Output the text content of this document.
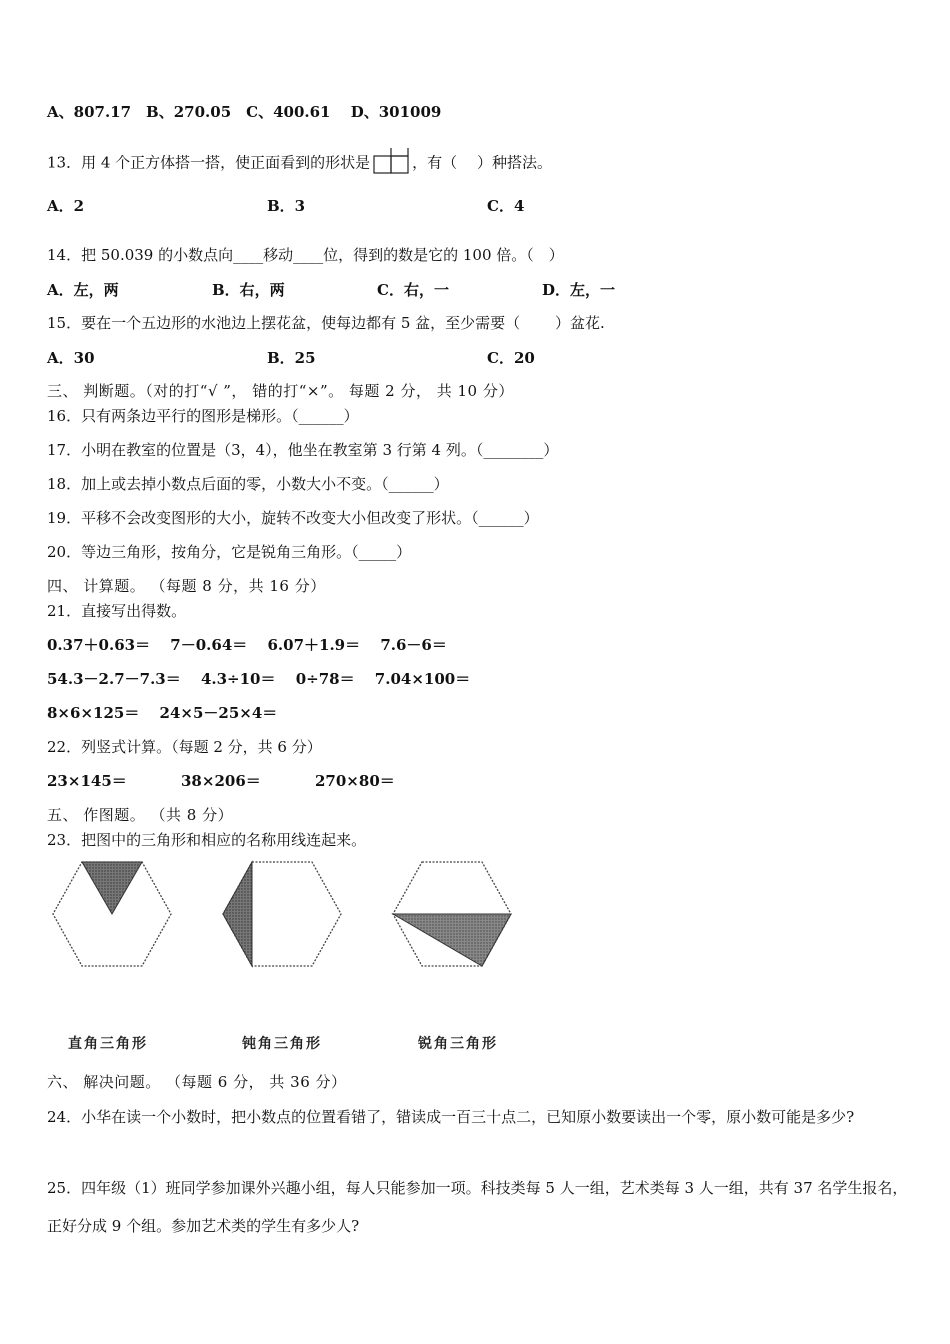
A、807.17　B、270.05　C、400.61　 D、301009
13．用 4 个正方体搭一搭，使正面看到的形状是	，有（　 ）种搭法。
A．2	B．3	C．4
14．把 50.039 的小数点向____移动____位，得到的数是它的 100 倍。（　）
A．左，两	B．右，两	C．右，一	D．左，一
15．要在一个五边形的水池边上摆花盆，使每边都有 5 盆，至少需要（　　 ）盆花.
A．30	B．25	C．20
三、 判断题。（对的打“√ ”， 错的打“×”。 每题 2 分， 共 10 分）
16．只有两条边平行的图形是梯形。（______）
17．小明在教室的位置是（3，4），他坐在教室第 3 行第 4 列。（________）
18．加上或去掉小数点后面的零，小数大小不变。（______）
19．平移不会改变图形的大小，旋转不改变大小但改变了形状。（______）
20．等边三角形，按角分，它是锐角三角形。（_____）
四、 计算题。 （每题 8 分，共 16 分）
21．直接写出得数。
0.37＋0.63＝　 7－0.64＝　 6.07＋1.9＝　 7.6－6＝
54.3－2.7－7.3＝　 4.3÷10＝　 0÷78＝　 7.04×100＝
8×6×125＝　 24×5－25×4＝
22．列竖式计算。（每题 2 分，共 6 分）
23×145＝	38×206＝	270×80＝
五、 作图题。 （共 8 分）
23．把图中的三角形和相应的名称用线连起来。
直角三角形	钝角三角形	锐角三角形
六、 解决问题。 （每题 6 分， 共 36 分）
24．小华在读一个小数时，把小数点的位置看错了，错读成一百三十点二，已知原小数要读出一个零，原小数可能是多少?
25．四年级（1）班同学参加课外兴趣小组，每人只能参加一项。科技类每 5 人一组，艺术类每 3 人一组，共有 37 名学生报名，正好分成 9 个组。参加艺术类的学生有多少人?
